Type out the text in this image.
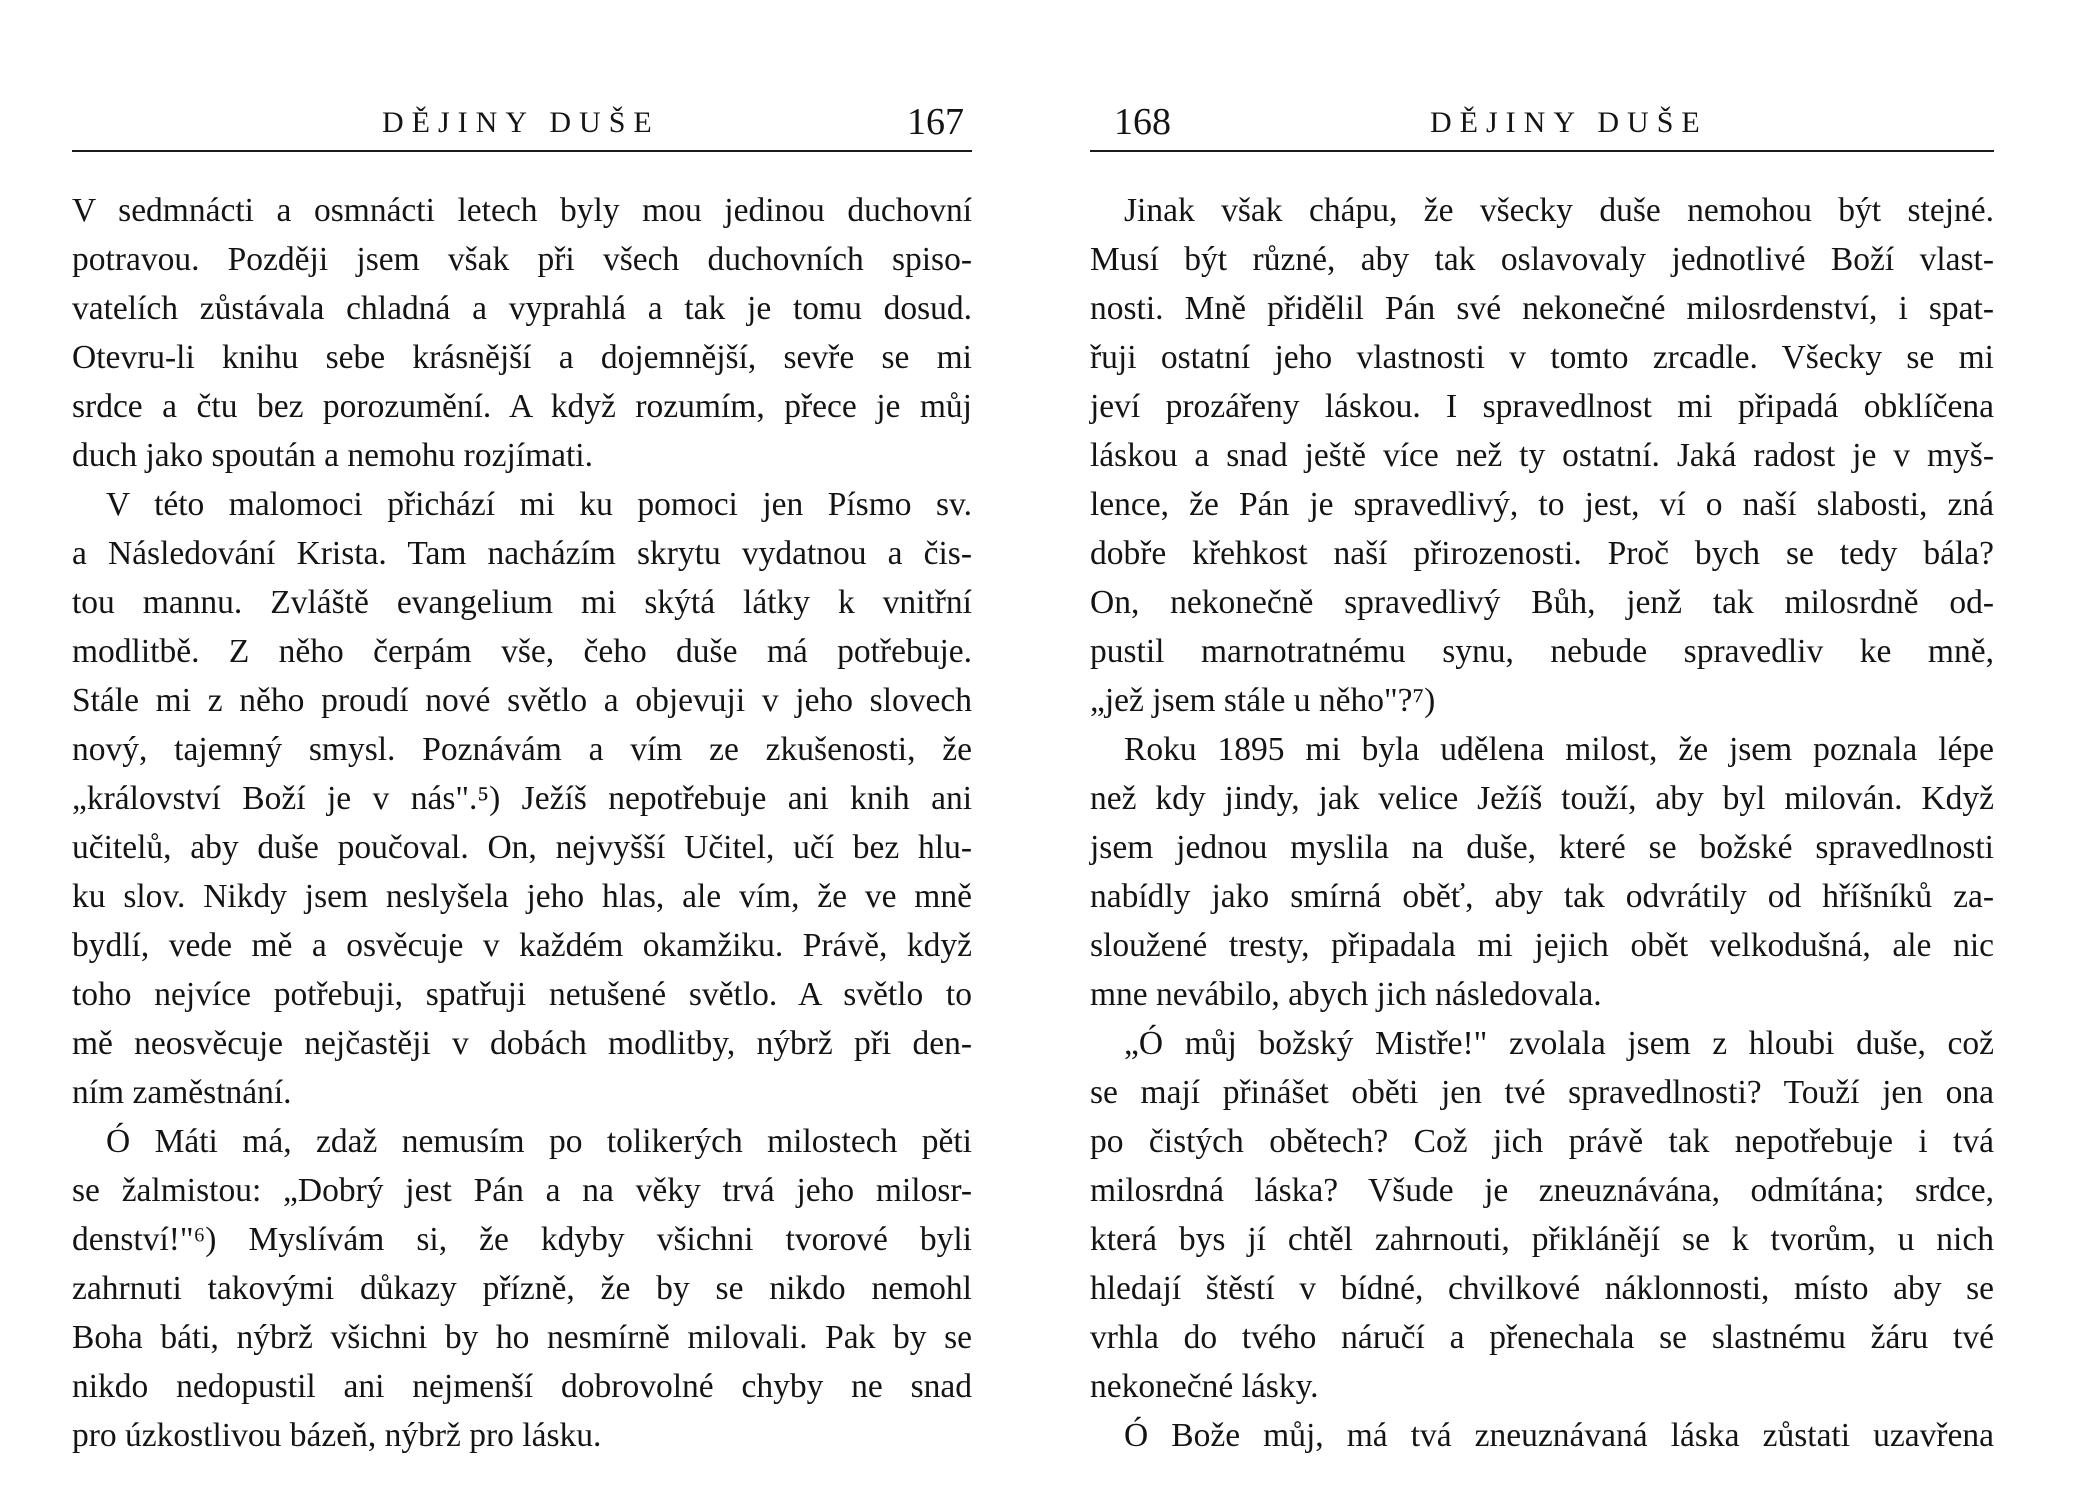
DĚJINY DUŠE	167
V sedmnácti a osmnácti letech byly mou jedinou duchovní
potravou. Později jsem však při všech duchovních spiso-
vatelích zůstávala chladná a vyprahlá a tak je tomu dosud.
Otevru-li knihu sebe krásnější a dojemnější, sevře se mi
srdce a čtu bez porozumění. A když rozumím, přece je můj
duch jako spoután a nemohu rozjímati.
V této malomoci přichází mi ku pomoci jen Písmo sv.
a Následování Krista. Tam nacházím skrytu vydatnou a čis-
tou mannu. Zvláště evangelium mi skýtá látky k vnitřní
modlitbě. Z něho čerpám vše, čeho duše má potřebuje.
Stále mi z něho proudí nové světlo a objevuji v jeho slovech
nový, tajemný smysl. Poznávám a vím ze zkušenosti, že
„království Boží je v nás".⁵) Ježíš nepotřebuje ani knih ani
učitelů, aby duše poučoval. On, nejvyšší Učitel, učí bez hlu-
ku slov. Nikdy jsem neslyšela jeho hlas, ale vím, že ve mně
bydlí, vede mě a osvěcuje v každém okamžiku. Právě, když
toho nejvíce potřebuji, spatřuji netušené světlo. A světlo to
mě neosvěcuje nejčastěji v dobách modlitby, nýbrž při den-
ním zaměstnání.
Ó Máti má, zdaž nemusím po tolikerých milostech pěti
se žalmistou: „Dobrý jest Pán a na věky trvá jeho milosr-
denství!"⁶) Myslívám si, že kdyby všichni tvorové byli
zahrnuti takovými důkazy přízně, že by se nikdo nemohl
Boha báti, nýbrž všichni by ho nesmírně milovali. Pak by se
nikdo nedopustil ani nejmenší dobrovolné chyby ne snad
pro úzkostlivou bázeň, nýbrž pro lásku.
168	DĚJINY DUŠE
Jinak však chápu, že všecky duše nemohou být stejné.
Musí být různé, aby tak oslavovaly jednotlivé Boží vlast-
nosti. Mně přidělil Pán své nekonečné milosrdenství, i spat-
řuji ostatní jeho vlastnosti v tomto zrcadle. Všecky se mi
jeví prozářeny láskou. I spravedlnost mi připadá obklíčena
láskou a snad ještě více než ty ostatní. Jaká radost je v myš-
lence, že Pán je spravedlivý, to jest, ví o naší slabosti, zná
dobře křehkost naší přirozenosti. Proč bych se tedy bála?
On, nekonečně spravedlivý Bůh, jenž tak milosrdně od-
pustil marnotratnému synu, nebude spravedliv ke mně,
„jež jsem stále u něho"?⁷)
Roku 1895 mi byla udělena milost, že jsem poznala lépe
než kdy jindy, jak velice Ježíš touží, aby byl milován. Když
jsem jednou myslila na duše, které se božské spravedlnosti
nabídly jako smírná oběť, aby tak odvrátily od hříšníků za-
sloužené tresty, připadala mi jejich obět velkodušná, ale nic
mne nevábilo, abych jich následovala.
„Ó můj božský Mistře!" zvolala jsem z hloubi duše, což
se mají přinášet oběti jen tvé spravedlnosti? Touží jen ona
po čistých obětech? Což jich právě tak nepotřebuje i tvá
milosrdná láska? Všude je zneuznávána, odmítána; srdce,
která bys jí chtěl zahrnouti, přiklánějí se k tvorům, u nich
hledají štěstí v bídné, chvilkové náklonnosti, místo aby se
vrhla do tvého náručí a přenechala se slastnému žáru tvé
nekonečné lásky.
Ó Bože můj, má tvá zneuznávaná láska zůstati uzavřena
